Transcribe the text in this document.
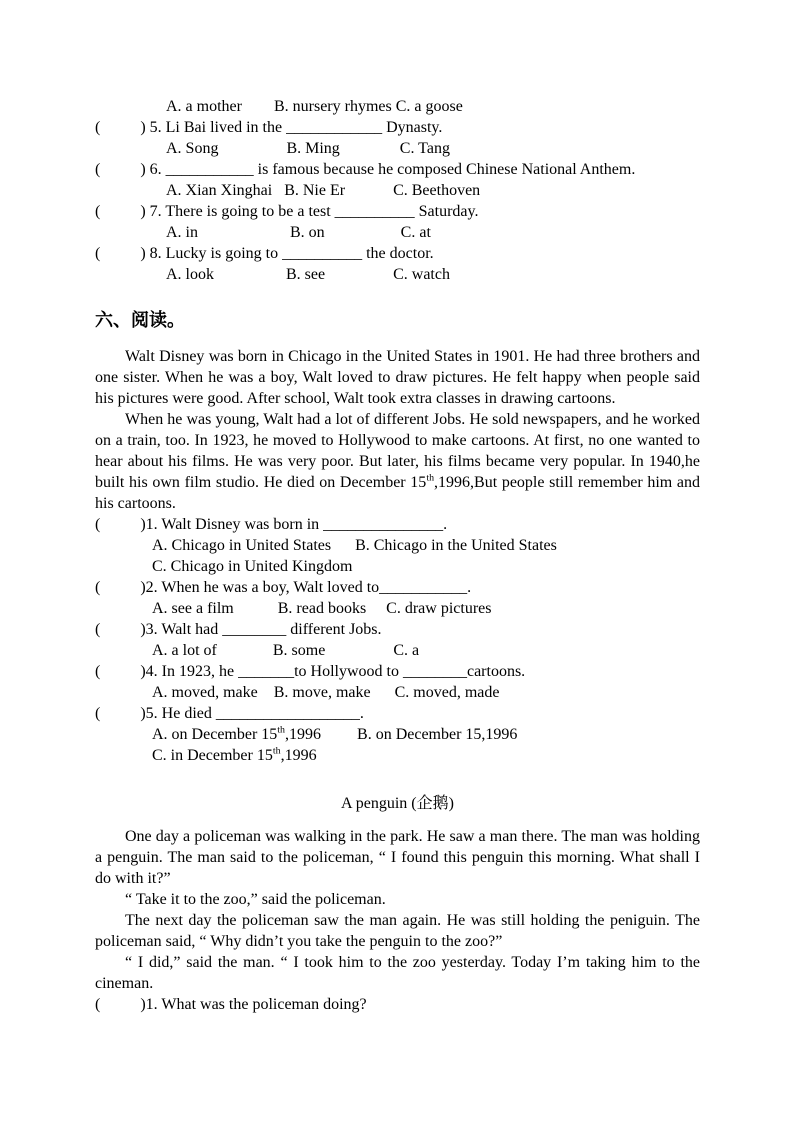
A. a mother        B. nursery rhymes C. a goose
(          ) 5. Li Bai lived in the ____________ Dynasty.
A. Song                 B. Ming               C. Tang
(          ) 6. ___________ is famous because he composed Chinese National Anthem.
A. Xian Xinghai   B. Nie Er            C. Beethoven
(          ) 7. There is going to be a test __________ Saturday.
A. in                       B. on                   C. at
(          ) 8. Lucky is going to __________ the doctor.
A. look                  B. see                 C. watch
六、阅读。
Walt Disney was born in Chicago in the United States in 1901. He had three brothers and one sister. When he was a boy, Walt loved to draw pictures. He felt happy when people said his pictures were good. After school, Walt took extra classes in drawing cartoons.
When he was young, Walt had a lot of different Jobs. He sold newspapers, and he worked on a train, too. In 1923, he moved to Hollywood to make cartoons. At first, no one wanted to hear about his films. He was very poor. But later, his films became very popular. In 1940,he built his own film studio. He died on December 15th,1996,But people still remember him and his cartoons.
(          )1. Walt Disney was born in _______________.
A. Chicago in United States      B. Chicago in the United States
C. Chicago in United Kingdom
(          )2. When he was a boy, Walt loved to___________.
A. see a film           B. read books     C. draw pictures
(          )3. Walt had ________ different Jobs.
A. a lot of              B. some                 C. a
(          )4. In 1923, he _______to Hollywood to ________cartoons.
A. moved, make    B. move, make      C. moved, made
(          )5. He died __________________.
A. on December 15th,1996         B. on December 15,1996
C. in December 15th,1996
A penguin (企鹅)
One day a policeman was walking in the park. He saw a man there. The man was holding a penguin. The man said to the policeman, “ I found this penguin this morning. What shall I do with it?”
“ Take it to the zoo,” said the policeman.
The next day the policeman saw the man again. He was still holding the peniguin. The policeman said, “ Why didn’t you take the penguin to the zoo?”
“ I did,” said the man. “ I took him to the zoo yesterday. Today I’m taking him to the cineman.
(          )1. What was the policeman doing?
